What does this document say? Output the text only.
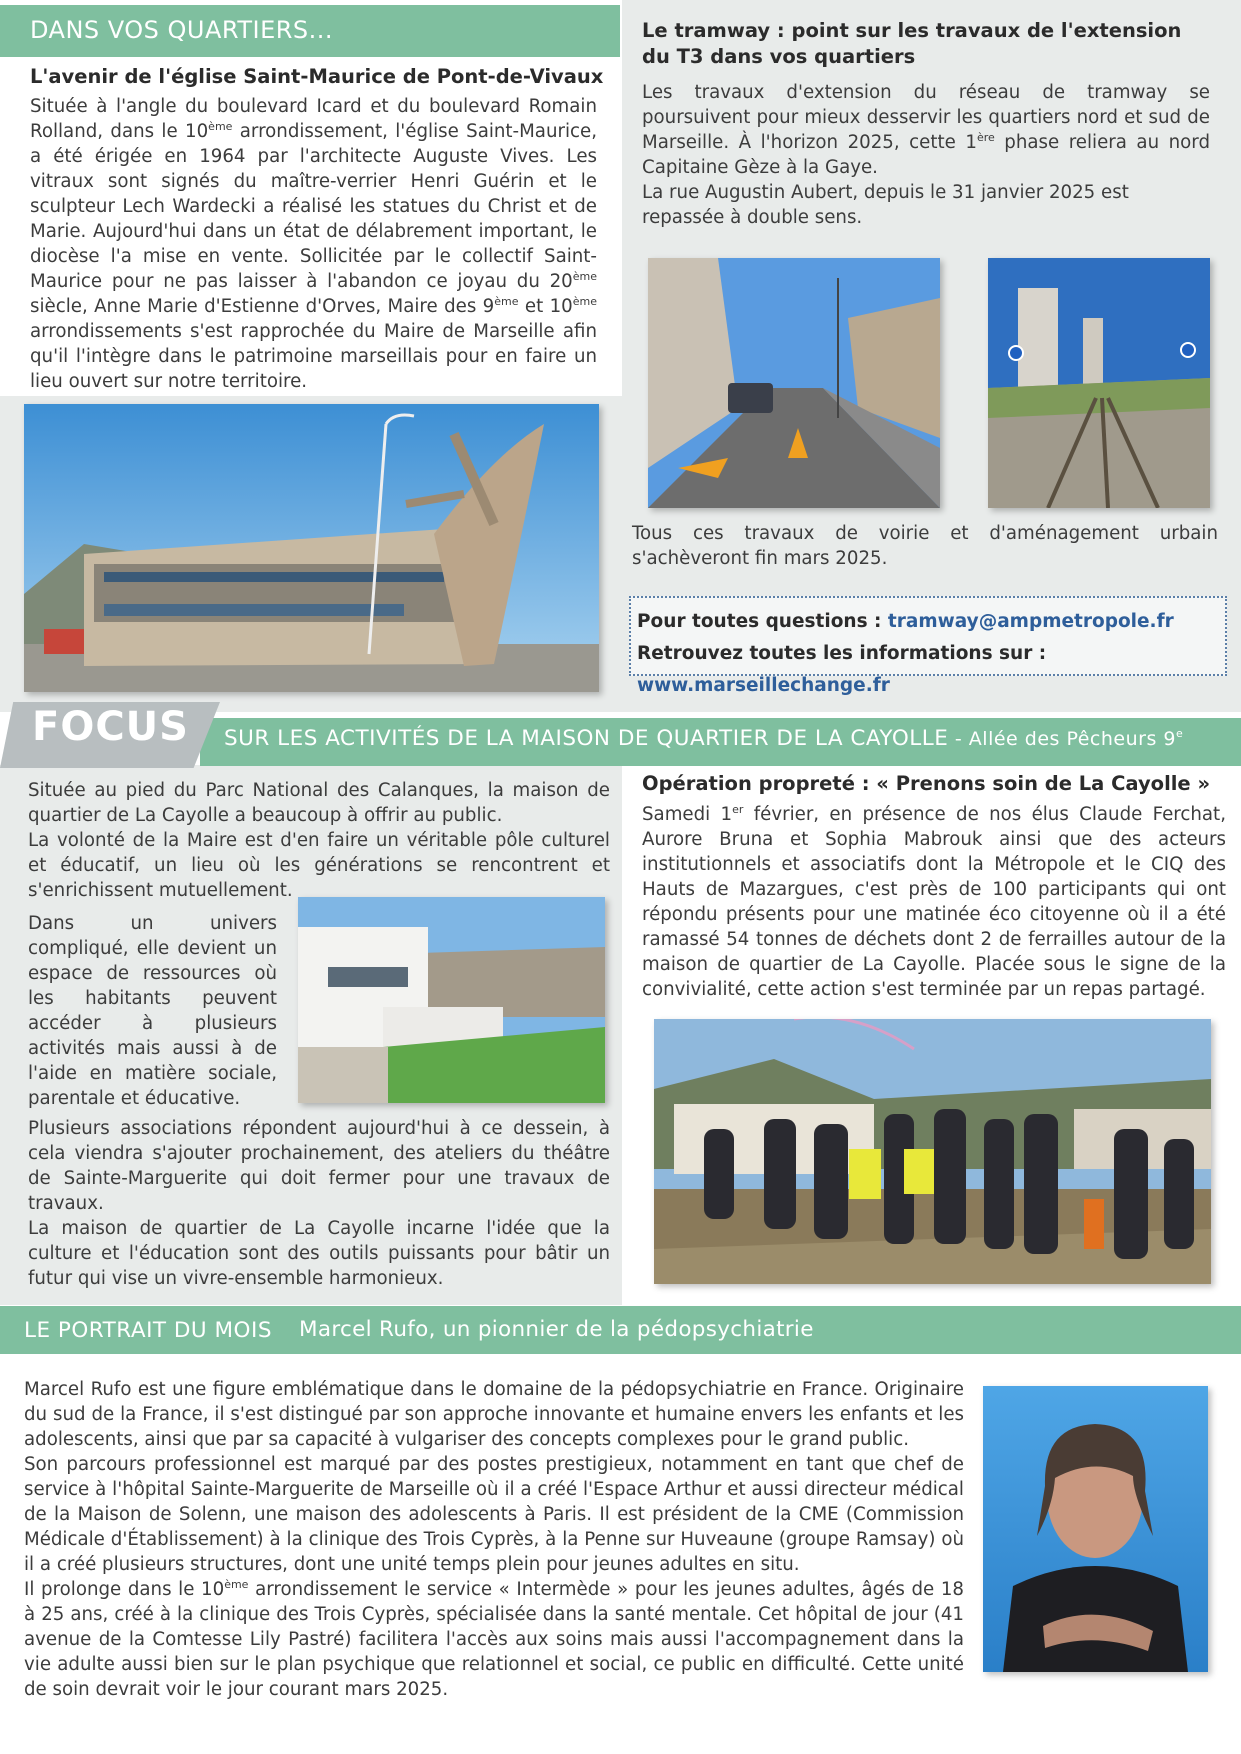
DANS VOS QUARTIERS...
L'avenir de l'église Saint-Maurice de Pont-de-Vivaux
Située à l'angle du boulevard Icard et du boulevard Romain Rolland, dans le 10ème arrondissement, l'église Saint-Maurice, a été érigée en 1964 par l'architecte Auguste Vives. Les vitraux sont signés du maître-verrier Henri Guérin et le sculpteur Lech Wardecki a réalisé les statues du Christ et de Marie. Aujourd'hui dans un état de délabrement important, le diocèse l'a mise en vente. Sollicitée par le collectif Saint-Maurice pour ne pas laisser à l'abandon ce joyau du 20ème siècle, Anne Marie d'Estienne d'Orves, Maire des 9ème et 10ème arrondissements s'est rapprochée du Maire de Marseille afin qu'il l'intègre dans le patrimoine marseillais pour en faire un lieu ouvert sur notre territoire.
Le tramway : point sur les travaux de l'extension du T3 dans vos quartiers
Les travaux d'extension du réseau de tramway se poursuivent pour mieux desservir les quartiers nord et sud de Marseille. À l'horizon 2025, cette 1ère phase reliera au nord Capitaine Gèze à la Gaye.
La rue Augustin Aubert, depuis le 31 janvier 2025 est repassée à double sens.
Tous ces travaux de voirie et d'aménagement urbain s'achèveront fin mars 2025.
Pour toutes questions : tramway@ampmetropole.fr
Retrouvez toutes les informations sur : www.marseillechange.fr
FOCUS SUR LES ACTIVITÉS DE LA MAISON DE QUARTIER DE LA CAYOLLE - Allée des Pêcheurs 9e
Située au pied du Parc National des Calanques, la maison de quartier de La Cayolle a beaucoup à offrir au public.
La volonté de la Maire est d'en faire un véritable pôle culturel et éducatif, un lieu où les générations se rencontrent et s'enrichissent mutuellement.
Dans un univers compliqué, elle devient un espace de ressources où les habitants peuvent accéder à plusieurs activités mais aussi à de l'aide en matière sociale, parentale et éducative.
Plusieurs associations répondent aujourd'hui à ce dessein, à cela viendra s'ajouter prochainement, des ateliers du théâtre de Sainte-Marguerite qui doit fermer pour une travaux de travaux.
La maison de quartier de La Cayolle incarne l'idée que la culture et l'éducation sont des outils puissants pour bâtir un futur qui vise un vivre-ensemble harmonieux.
Opération propreté : « Prenons soin de La Cayolle »
Samedi 1er février, en présence de nos élus Claude Ferchat, Aurore Bruna et Sophia Mabrouk ainsi que des acteurs institutionnels et associatifs dont la Métropole et le CIQ des Hauts de Mazargues, c'est près de 100 participants qui ont répondu présents pour une matinée éco citoyenne où il a été ramassé 54 tonnes de déchets dont 2 de ferrailles autour de la maison de quartier de La Cayolle. Placée sous le signe de la convivialité, cette action s'est terminée par un repas partagé.
LE PORTRAIT DU MOIS Marcel Rufo, un pionnier de la pédopsychiatrie
Marcel Rufo est une figure emblématique dans le domaine de la pédopsychiatrie en France. Originaire du sud de la France, il s'est distingué par son approche innovante et humaine envers les enfants et les adolescents, ainsi que par sa capacité à vulgariser des concepts complexes pour le grand public.
Son parcours professionnel est marqué par des postes prestigieux, notamment en tant que chef de service à l'hôpital Sainte-Marguerite de Marseille où il a créé l'Espace Arthur et aussi directeur médical de la Maison de Solenn, une maison des adolescents à Paris. Il est président de la CME (Commission Médicale d'Établissement) à la clinique des Trois Cyprès, à la Penne sur Huveaune (groupe Ramsay) où il a créé plusieurs structures, dont une unité temps plein pour jeunes adultes en situ.
Il prolonge dans le 10ème arrondissement le service « Intermède » pour les jeunes adultes, âgés de 18 à 25 ans, créé à la clinique des Trois Cyprès, spécialisée dans la santé mentale. Cet hôpital de jour (41 avenue de la Comtesse Lily Pastré) facilitera l'accès aux soins mais aussi l'accompagnement dans la vie adulte aussi bien sur le plan psychique que relationnel et social, ce public en difficulté. Cette unité de soin devrait voir le jour courant mars 2025.
